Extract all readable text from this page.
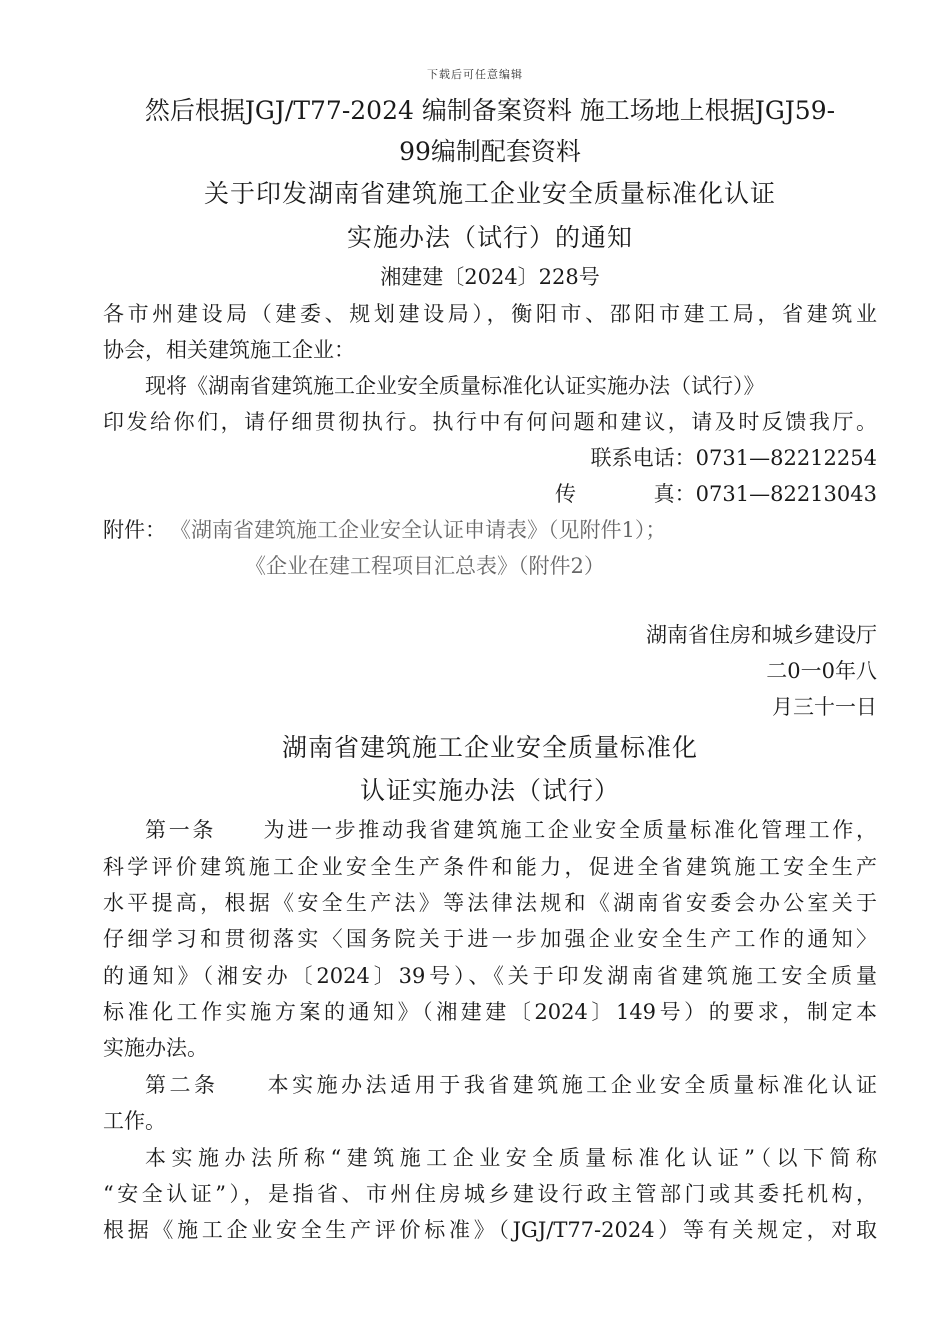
下载后可任意编辑
然后根据JGJ/T77-2024 编制备案资料 施工场地上根据JGJ59-
99编制配套资料
关于印发湖南省建筑施工企业安全质量标准化认证
实施办法（试行）的通知
湘建建〔2024〕228号
各市州建设局（建委、规划建设局），衡阳市、邵阳市建工局，省建筑业
协会，相关建筑施工企业：
现将《湖南省建筑施工企业安全质量标准化认证实施办法（试行）》
印发给你们，请仔细贯彻执行。执行中有何问题和建议，请及时反馈我厅。
联系电话：0731—82212254
传	真：0731—82213043
附件： 《湖南省建筑施工企业安全认证申请表》（见附件1）；
《企业在建工程项目汇总表》（附件2）
湖南省住房和城乡建设厅
二0一0年八
月三十一日
湖南省建筑施工企业安全质量标准化
认证实施办法（试行）
第一条　　为进一步推动我省建筑施工企业安全质量标准化管理工作，
科学评价建筑施工企业安全生产条件和能力，促进全省建筑施工安全生产
水平提高，根据《安全生产法》等法律法规和《湖南省安委会办公室关于
仔细学习和贯彻落实〈国务院关于进一步加强企业安全生产工作的通知〉
的通知》（湘安办〔2024〕39号）、《关于印发湖南省建筑施工安全质量
标准化工作实施方案的通知》（湘建建〔2024〕149号）的要求，制定本
实施办法。
第二条　　本实施办法适用于我省建筑施工企业安全质量标准化认证
工作。
本实施办法所称“建筑施工企业安全质量标准化认证”（以下简称
“安全认证”），是指省、市州住房城乡建设行政主管部门或其委托机构，
根据《施工企业安全生产评价标准》（JGJ/T77-2024）等有关规定，对取
